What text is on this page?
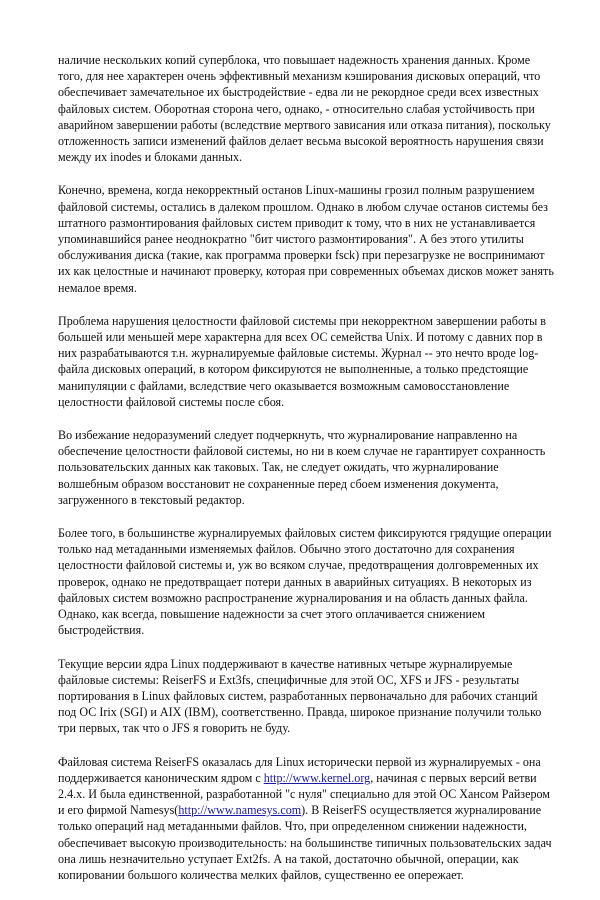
наличие нескольких копий суперблока, что повышает надежность хранения данных. Кроме того, для нее характерен очень эффективный механизм кэширования дисковых операций, что обеспечивает замечательное их быстродействие - едва ли не рекордное среди всех известных файловых систем. Оборотная сторона чего, однако, - относительно слабая устойчивость при аварийном завершении работы (вследствие мертвого зависания или отказа питания), поскольку отложенность записи изменений файлов делает весьма высокой вероятность нарушения связи между их inodes и блоками данных.

Конечно, времена, когда некорректный останов Linux-машины грозил полным разрушением файловой системы, остались в далеком прошлом. Однако в любом случае останов системы без штатного размонтирования файловых систем приводит к тому, что в них не устанавливается упоминавшийся ранее неоднократно "бит чистого размонтирования". А без этого утилиты обслуживания диска (такие, как программа проверки fsck) при перезагрузке не воспринимают их как целостные и начинают проверку, которая при современных объемах дисков может занять немалое время.

Проблема нарушения целостности файловой системы при некорректном завершении работы в большей или меньшей мере характерна для всех ОС семейства Unix. И потому с давних пор в них разрабатываются т.н. журналируемые файловые системы. Журнал -- это нечто вроде log-файла дисковых операций, в котором фиксируются не выполненные, а только предстоящие манипуляции с файлами, вследствие чего оказывается возможным самовосстановление целостности файловой системы после сбоя.

Во избежание недоразумений следует подчеркнуть, что журналирование направленно на обеспечение целостности файловой системы, но ни в коем случае не гарантирует сохранность пользовательских данных как таковых. Так, не следует ожидать, что журналирование волшебным образом восстановит не сохраненные перед сбоем изменения документа, загруженного в текстовый редактор.

Более того, в большинстве журналируемых файловых систем фиксируются грядущие операции только над метаданными изменяемых файлов. Обычно этого достаточно для сохранения целостности файловой системы и, уж во всяком случае, предотвращения долговременных их проверок, однако не предотвращает потери данных в аварийных ситуациях. В некоторых из файловых систем возможно распространение журналирования и на область данных файла. Однако, как всегда, повышение надежности за счет этого оплачивается снижением быстродействия.

Текущие версии ядра Linux поддерживают в качестве нативных четыре журналируемые файловые системы: ReiserFS и Ext3fs, специфичные для этой ОС, XFS и JFS - результаты портирования в Linux файловых систем, разработанных первоначально для рабочих станций под ОС Irix (SGI) и AIX (IBM), соответственно. Правда, широкое признание получили только три первых, так что о JFS я говорить не буду.

Файловая система ReiserFS оказалась для Linux исторически первой из журналируемых - она поддерживается каноническим ядром с http://www.kernel.org, начиная с первых версий ветви 2.4.x. И была единственной, разработанной "с нуля" специально для этой ОС Хансом Райзером и его фирмой Namesys(http://www.namesys.com). В ReiserFS осуществляется журналирование только операций над метаданными файлов. Что, при определенном снижении надежности, обеспечивает высокую производительность: на большинстве типичных пользовательских задач она лишь незначительно уступает Ext2fs. А на такой, достаточно обычной, операции, как копировании большого количества мелких файлов, существенно ее опережает.
